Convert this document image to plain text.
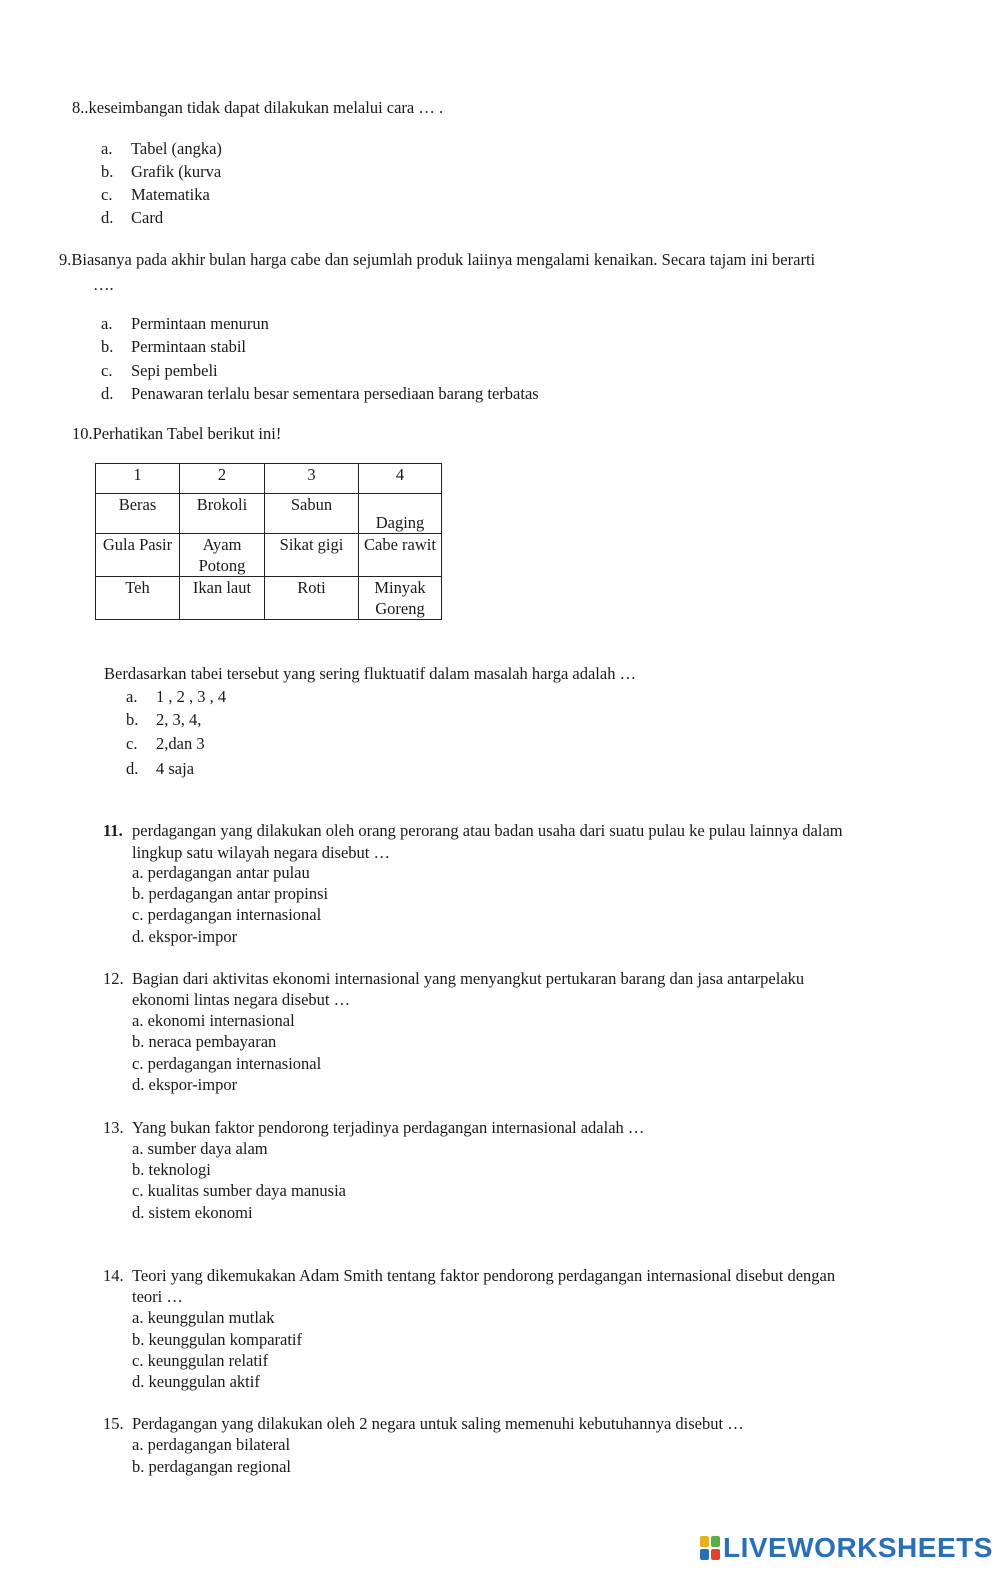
8..keseimbangan tidak dapat dilakukan melalui cara … .
a. Tabel (angka)
b. Grafik (kurva
c. Matematika
d. Card
9.Biasanya pada akhir bulan harga cabe dan sejumlah produk laiinya mengalami kenaikan. Secara tajam ini berarti
….
a. Permintaan menurun
b. Permintaan stabil
c. Sepi pembeli
d. Penawaran terlalu besar sementara persediaan barang terbatas
10.Perhatikan Tabel berikut ini!
1	2	3	4
Beras	Brokoli	Sabun	Daging
Gula Pasir	Ayam Potong	Sikat gigi	Cabe rawit
Teh	Ikan laut	Roti	Minyak Goreng
Berdasarkan tabei tersebut yang sering fluktuatif dalam masalah harga adalah …
a. 1 , 2 , 3 , 4
b. 2, 3, 4,
c. 2,dan 3
d. 4 saja
11. perdagangan yang dilakukan oleh orang perorang atau badan usaha dari suatu pulau ke pulau lainnya dalam
lingkup satu wilayah negara disebut …
a. perdagangan antar pulau
b. perdagangan antar propinsi
c. perdagangan internasional
d. ekspor-impor
12. Bagian dari aktivitas ekonomi internasional yang menyangkut pertukaran barang dan jasa antarpelaku
ekonomi lintas negara disebut …
a. ekonomi internasional
b. neraca pembayaran
c. perdagangan internasional
d. ekspor-impor
13. Yang bukan faktor pendorong terjadinya perdagangan internasional adalah …
a. sumber daya alam
b. teknologi
c. kualitas sumber daya manusia
d. sistem ekonomi
14. Teori yang dikemukakan Adam Smith tentang faktor pendorong perdagangan internasional disebut dengan
teori …
a. keunggulan mutlak
b. keunggulan komparatif
c. keunggulan relatif
d. keunggulan aktif
15. Perdagangan yang dilakukan oleh 2 negara untuk saling memenuhi kebutuhannya disebut …
a. perdagangan bilateral
b. perdagangan regional
LIVEWORKSHEETS
